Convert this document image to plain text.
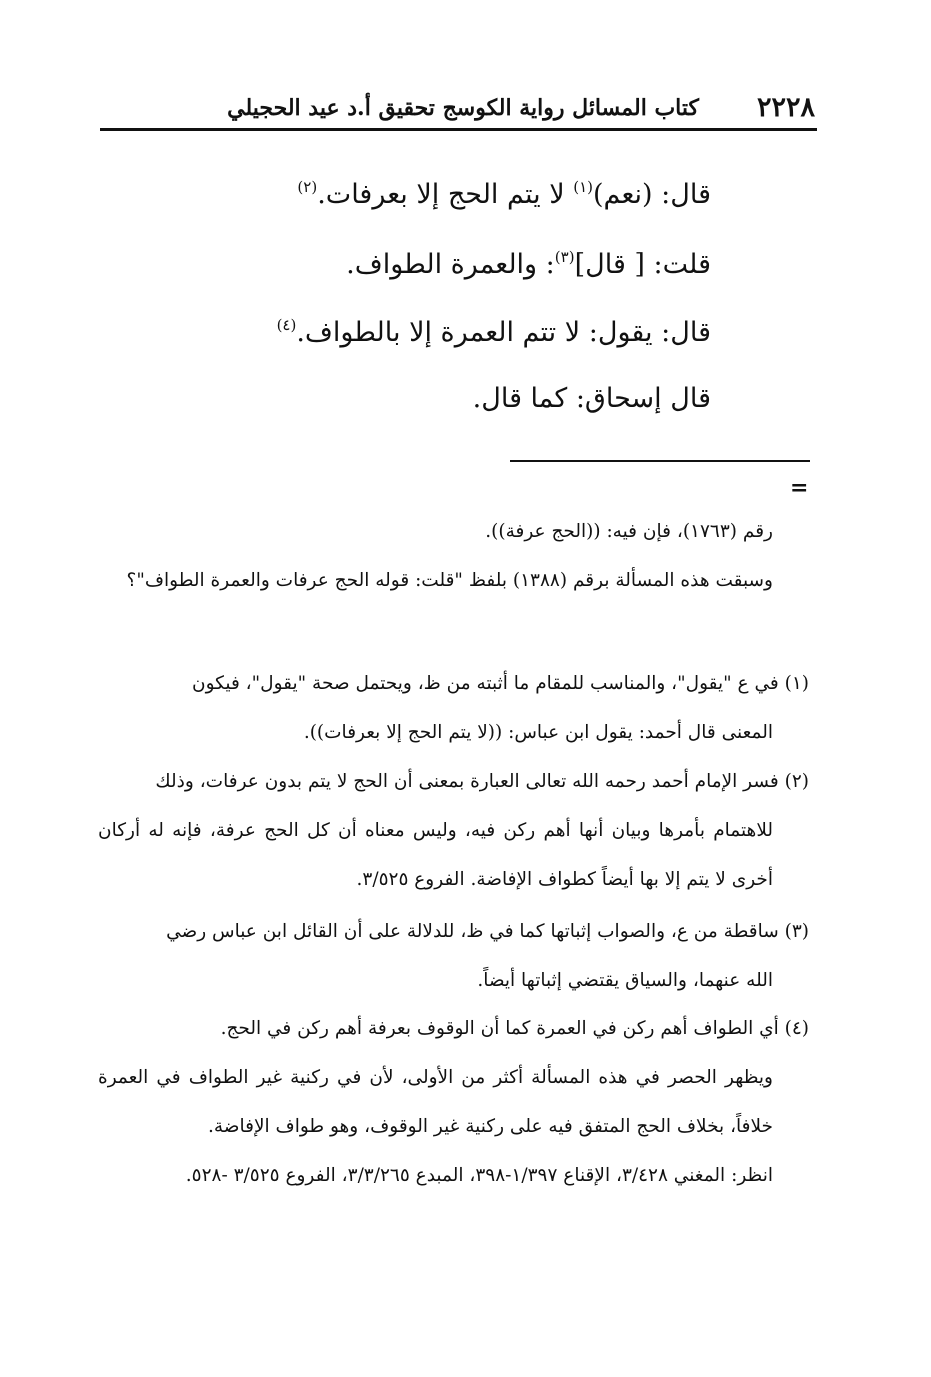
٢٢٢٨
كتاب المسائل رواية الكوسج تحقيق أ.د عيد الحجيلي
قال: (نعم)$^{(١)}$ لا يتم الحج إلا بعرفات.$^{(٢)}$
قلت: [ قال]$^{(٣)}$: والعمرة الطواف.
قال: يقول: لا تتم العمرة إلا بالطواف.$^{(٤)}$
قال إسحاق: كما قال.
=
رقم (١٧٦٣)، فإن فيه: ((الحج عرفة)).
وسبقت هذه المسألة برقم (١٣٨٨) بلفظ "قلت: قوله الحج عرفات والعمرة الطواف"؟
(١) في ع "يقول"، والمناسب للمقام ما أثبته من ظ، ويحتمل صحة "يقول"، فيكون
المعنى قال أحمد: يقول ابن عباس: ((لا يتم الحج إلا بعرفات)).
(٢) فسر الإمام أحمد رحمه الله تعالى العبارة بمعنى أن الحج لا يتم بدون عرفات، وذلك
للاهتمام بأمرها وبيان أنها أهم ركن فيه، وليس معناه أن كل الحج عرفة، فإنه له أركان أخرى لا يتم إلا بها أيضاً كطواف الإفاضة. الفروع ٣/٥٢٥.
(٣) ساقطة من ع، والصواب إثباتها كما في ظ، للدلالة على أن القائل ابن عباس رضي
الله عنهما، والسياق يقتضي إثباتها أيضاً.
(٤) أي الطواف أهم ركن في العمرة كما أن الوقوف بعرفة أهم ركن في الحج.
ويظهر الحصر في هذه المسألة أكثر من الأولى، لأن في ركنية غير الطواف في العمرة خلافاً، بخلاف الحج المتفق فيه على ركنية غير الوقوف، وهو طواف الإفاضة.
انظر: المغني ٣/٤٢٨، الإقناع ١/٣٩٧-٣٩٨، المبدع ٣/٣/٢٦٥، الفروع ٣/٥٢٥ -٥٢٨.
